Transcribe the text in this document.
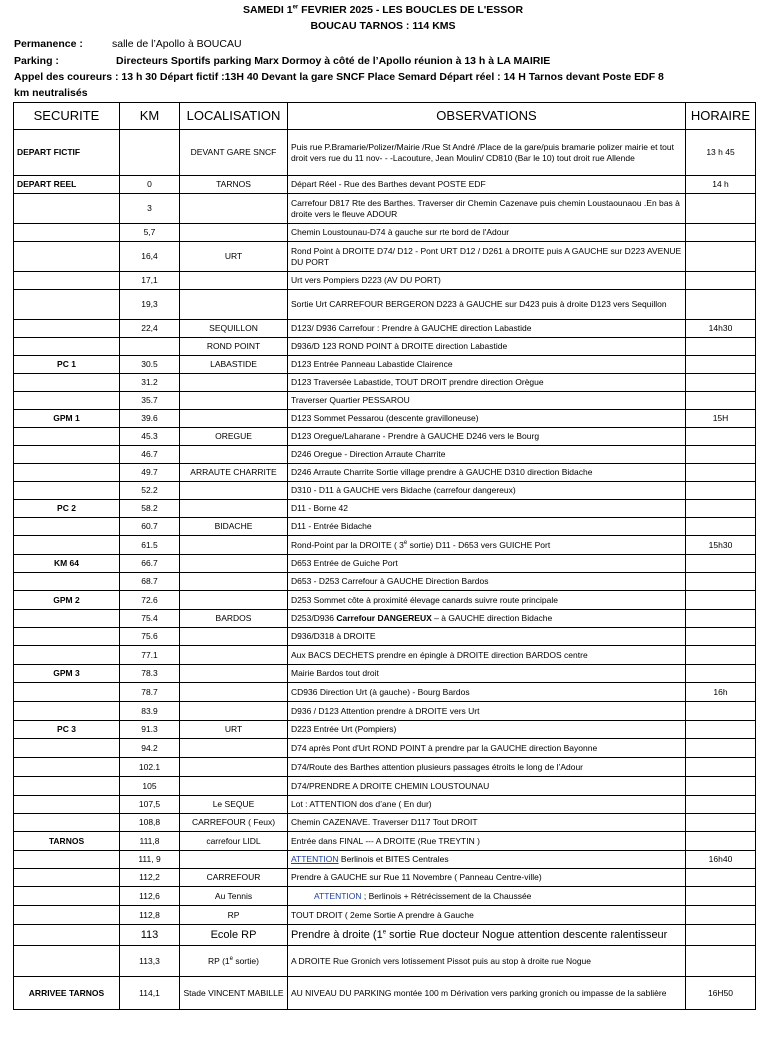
SAMEDI 1er FEVRIER 2025 - LES BOUCLES DE L'ESSOR
BOUCAU TARNOS : 114 KMS
Permanence :	salle de l’Apollo à BOUCAU
Parking :	Directeurs Sportifs parking Marx Dormoy à côté de l’Apollo réunion à 13 h à LA MAIRIE
Appel des coureurs : 13 h 30 Départ fictif :13H 40 Devant la gare SNCF Place Semard Départ réel : 14 H Tarnos devant Poste EDF 8
km neutralisés
SECURITE	KM	LOCALISATION	OBSERVATIONS	HORAIRE
DEPART FICTIF		DEVANT GARE SNCF	Puis rue P.Bramarie/Polizer/Mairie /Rue St André /Place de la gare/puis bramarie polizer mairie et tout droit vers rue du 11 nov- - -Lacouture, Jean Moulin/ CD810 (Bar le 10) tout droit rue Allende	13 h 45
DEPART REEL	0	TARNOS	Départ Réel - Rue des Barthes devant POSTE EDF	14 h
	3		Carrefour D817 Rte des Barthes. Traverser dir Chemin Cazenave puis chemin Loustaounaou .En bas à droite vers le fleuve ADOUR	
	5,7		Chemin Loustounau-D74 à gauche sur rte bord de l'Adour	
	16,4	URT	Rond Point à DROITE D74/ D12 - Pont URT D12 / D261 à DROITE puis A GAUCHE sur D223 AVENUE DU PORT	
	17,1		Urt vers Pompiers D223 (AV DU PORT)	
	19,3		Sortie Urt CARREFOUR BERGERON D223 à GAUCHE sur D423 puis à droite D123 vers Sequillon	
	22,4	SEQUILLON	D123/ D936 Carrefour : Prendre à GAUCHE direction Labastide	14h30
		ROND POINT	D936/D 123 ROND POINT à DROITE direction Labastide	
PC 1	30.5	LABASTIDE	D123 Entrée Panneau Labastide Clairence	
	31.2		D123 Traversée Labastide, TOUT DROIT prendre direction Orègue	
	35.7		Traverser Quartier PESSAROU	
GPM 1	39.6		D123 Sommet Pessarou (descente gravilloneuse)	15H
	45.3	OREGUE	D123 Oregue/Laharane - Prendre à GAUCHE D246 vers le Bourg	
	46.7		D246 Oregue - Direction Arraute Charrite	
	49.7	ARRAUTE CHARRITE	D246 Arraute Charrite Sortie village prendre à GAUCHE D310 direction Bidache	
	52.2		D310 - D11 à GAUCHE vers Bidache (carrefour dangereux)	
PC 2	58.2		D11 - Borne 42	
	60.7	BIDACHE	D11 - Entrée Bidache	
	61.5		Rond-Point par la DROITE ( 3e sortie) D11 - D653 vers GUICHE Port	15h30
KM 64	66.7		D653 Entrée de Guiche Port	
	68.7		D653 - D253 Carrefour à GAUCHE Direction Bardos	
GPM 2	72.6		D253 Sommet côte à proximité élevage canards suivre route principale	
	75.4	BARDOS	D253/D936 Carrefour DANGEREUX – à GAUCHE direction Bidache	
	75.6		D936/D318 à DROITE	
	77.1		Aux BACS DECHETS prendre en épingle à DROITE direction BARDOS centre	
GPM 3	78.3		Mairie Bardos tout droit	
	78.7		CD936 Direction Urt (à gauche) - Bourg Bardos	16h
	83.9		D936 / D123 Attention prendre à DROITE vers Urt	
PC 3	91.3	URT	D223 Entrée Urt (Pompiers)	
	94.2		D74 après Pont d'Urt ROND POINT à prendre par la GAUCHE direction Bayonne	
	102.1		D74/Route des Barthes attention plusieurs passages étroits le long de l’Adour	
	105		D74/PRENDRE A DROITE CHEMIN LOUSTOUNAU	
	107,5	Le SEQUE	Lot : ATTENTION dos d’ane ( En dur)	
	108,8	CARREFOUR ( Feux)	Chemin CAZENAVE. Traverser D117 Tout DROIT	
TARNOS	111,8	carrefour LIDL	Entrée dans FINAL --- A DROITE (Rue TREYTIN )	
	111, 9		ATTENTION Berlinois et BITES Centrales	16h40
	112,2	CARREFOUR	Prendre à GAUCHE sur Rue 11 Novembre ( Panneau Centre-ville)	
	112,6	Au Tennis	ATTENTION ; Berlinois + Rétrécissement de la Chaussée	
	112,8	RP	TOUT DROIT ( 2eme Sortie A prendre à Gauche	
	113	Ecole RP	Prendre à droite (1e sortie Rue docteur Nogue attention descente ralentisseur	
	113,3	RP (1e sortie)	A DROITE Rue Gronich vers lotissement Pissot puis au stop à droite rue Nogue	
ARRIVEE TARNOS	114,1	Stade VINCENT MABILLE	AU NIVEAU DU PARKING montée 100 m Dérivation vers parking gronich ou impasse de la sablière	16H50
